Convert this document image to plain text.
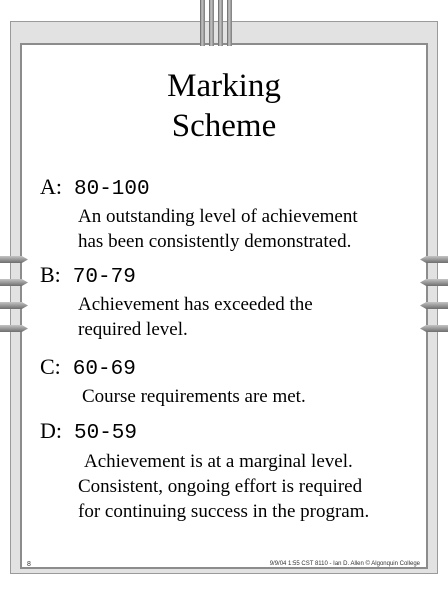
Marking
Scheme
A: 80-100
An outstanding level of achievement
has been consistently demonstrated.
B: 70-79
Achievement has exceeded the
required level.
C: 60-69
Course requirements are met.
D: 50-59
Achievement is at a marginal level.
Consistent, ongoing effort is required
for continuing success in the program.
8	9/9/04 1:55 CST 8110 - Ian D. Allen © Algonquin College
